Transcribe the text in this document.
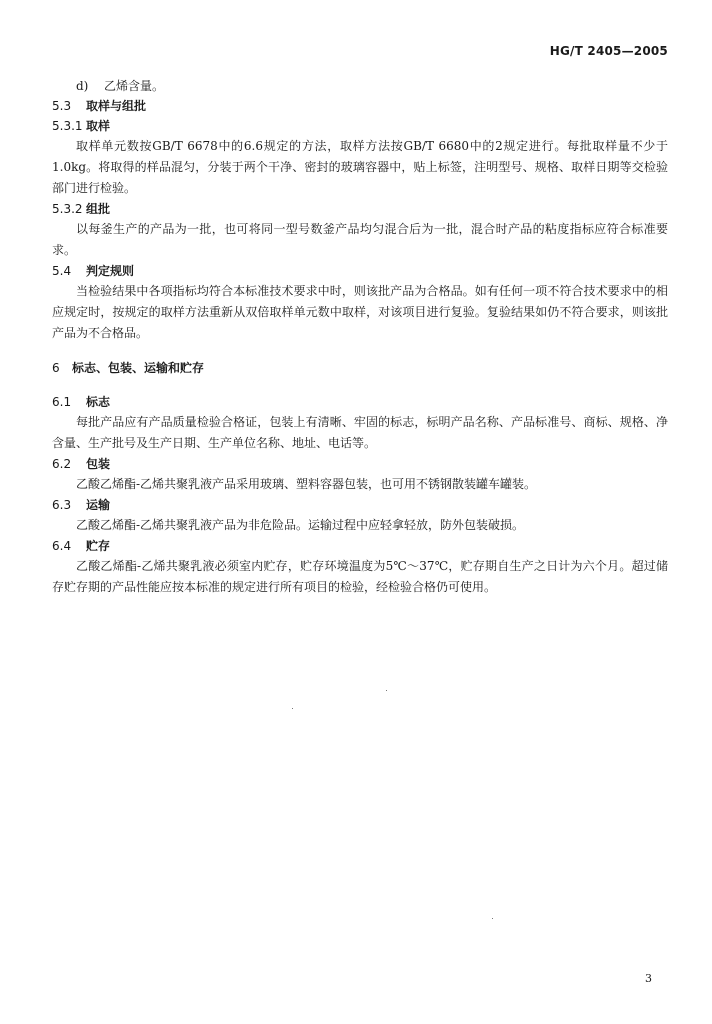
HG/T 2405—2005
d) 乙烯含量。
5.3 取样与组批
5.3.1 取样
取样单元数按GB/T 6678中的6.6规定的方法，取样方法按GB/T 6680中的2规定进行。每批取样量不少于1.0kg。将取得的样品混匀，分装于两个干净、密封的玻璃容器中，贴上标签，注明型号、规格、取样日期等交检验部门进行检验。
5.3.2 组批
以每釜生产的产品为一批，也可将同一型号数釜产品均匀混合后为一批，混合时产品的粘度指标应符合标准要求。
5.4 判定规则
当检验结果中各项指标均符合本标准技术要求中时，则该批产品为合格品。如有任何一项不符合技术要求中的相应规定时，按规定的取样方法重新从双倍取样单元数中取样，对该项目进行复验。复验结果如仍不符合要求，则该批产品为不合格品。
6 标志、包装、运输和贮存
6.1 标志
每批产品应有产品质量检验合格证，包装上有清晰、牢固的标志，标明产品名称、产品标准号、商标、规格、净含量、生产批号及生产日期、生产单位名称、地址、电话等。
6.2 包装
乙酸乙烯酯-乙烯共聚乳液产品采用玻璃、塑料容器包装，也可用不锈钢散装罐车罐装。
6.3 运输
乙酸乙烯酯-乙烯共聚乳液产品为非危险品。运输过程中应轻拿轻放，防外包装破损。
6.4 贮存
乙酸乙烯酯-乙烯共聚乳液必须室内贮存，贮存环境温度为5℃～37℃，贮存期自生产之日计为六个月。超过储存贮存期的产品性能应按本标准的规定进行所有项目的检验，经检验合格仍可使用。
3
